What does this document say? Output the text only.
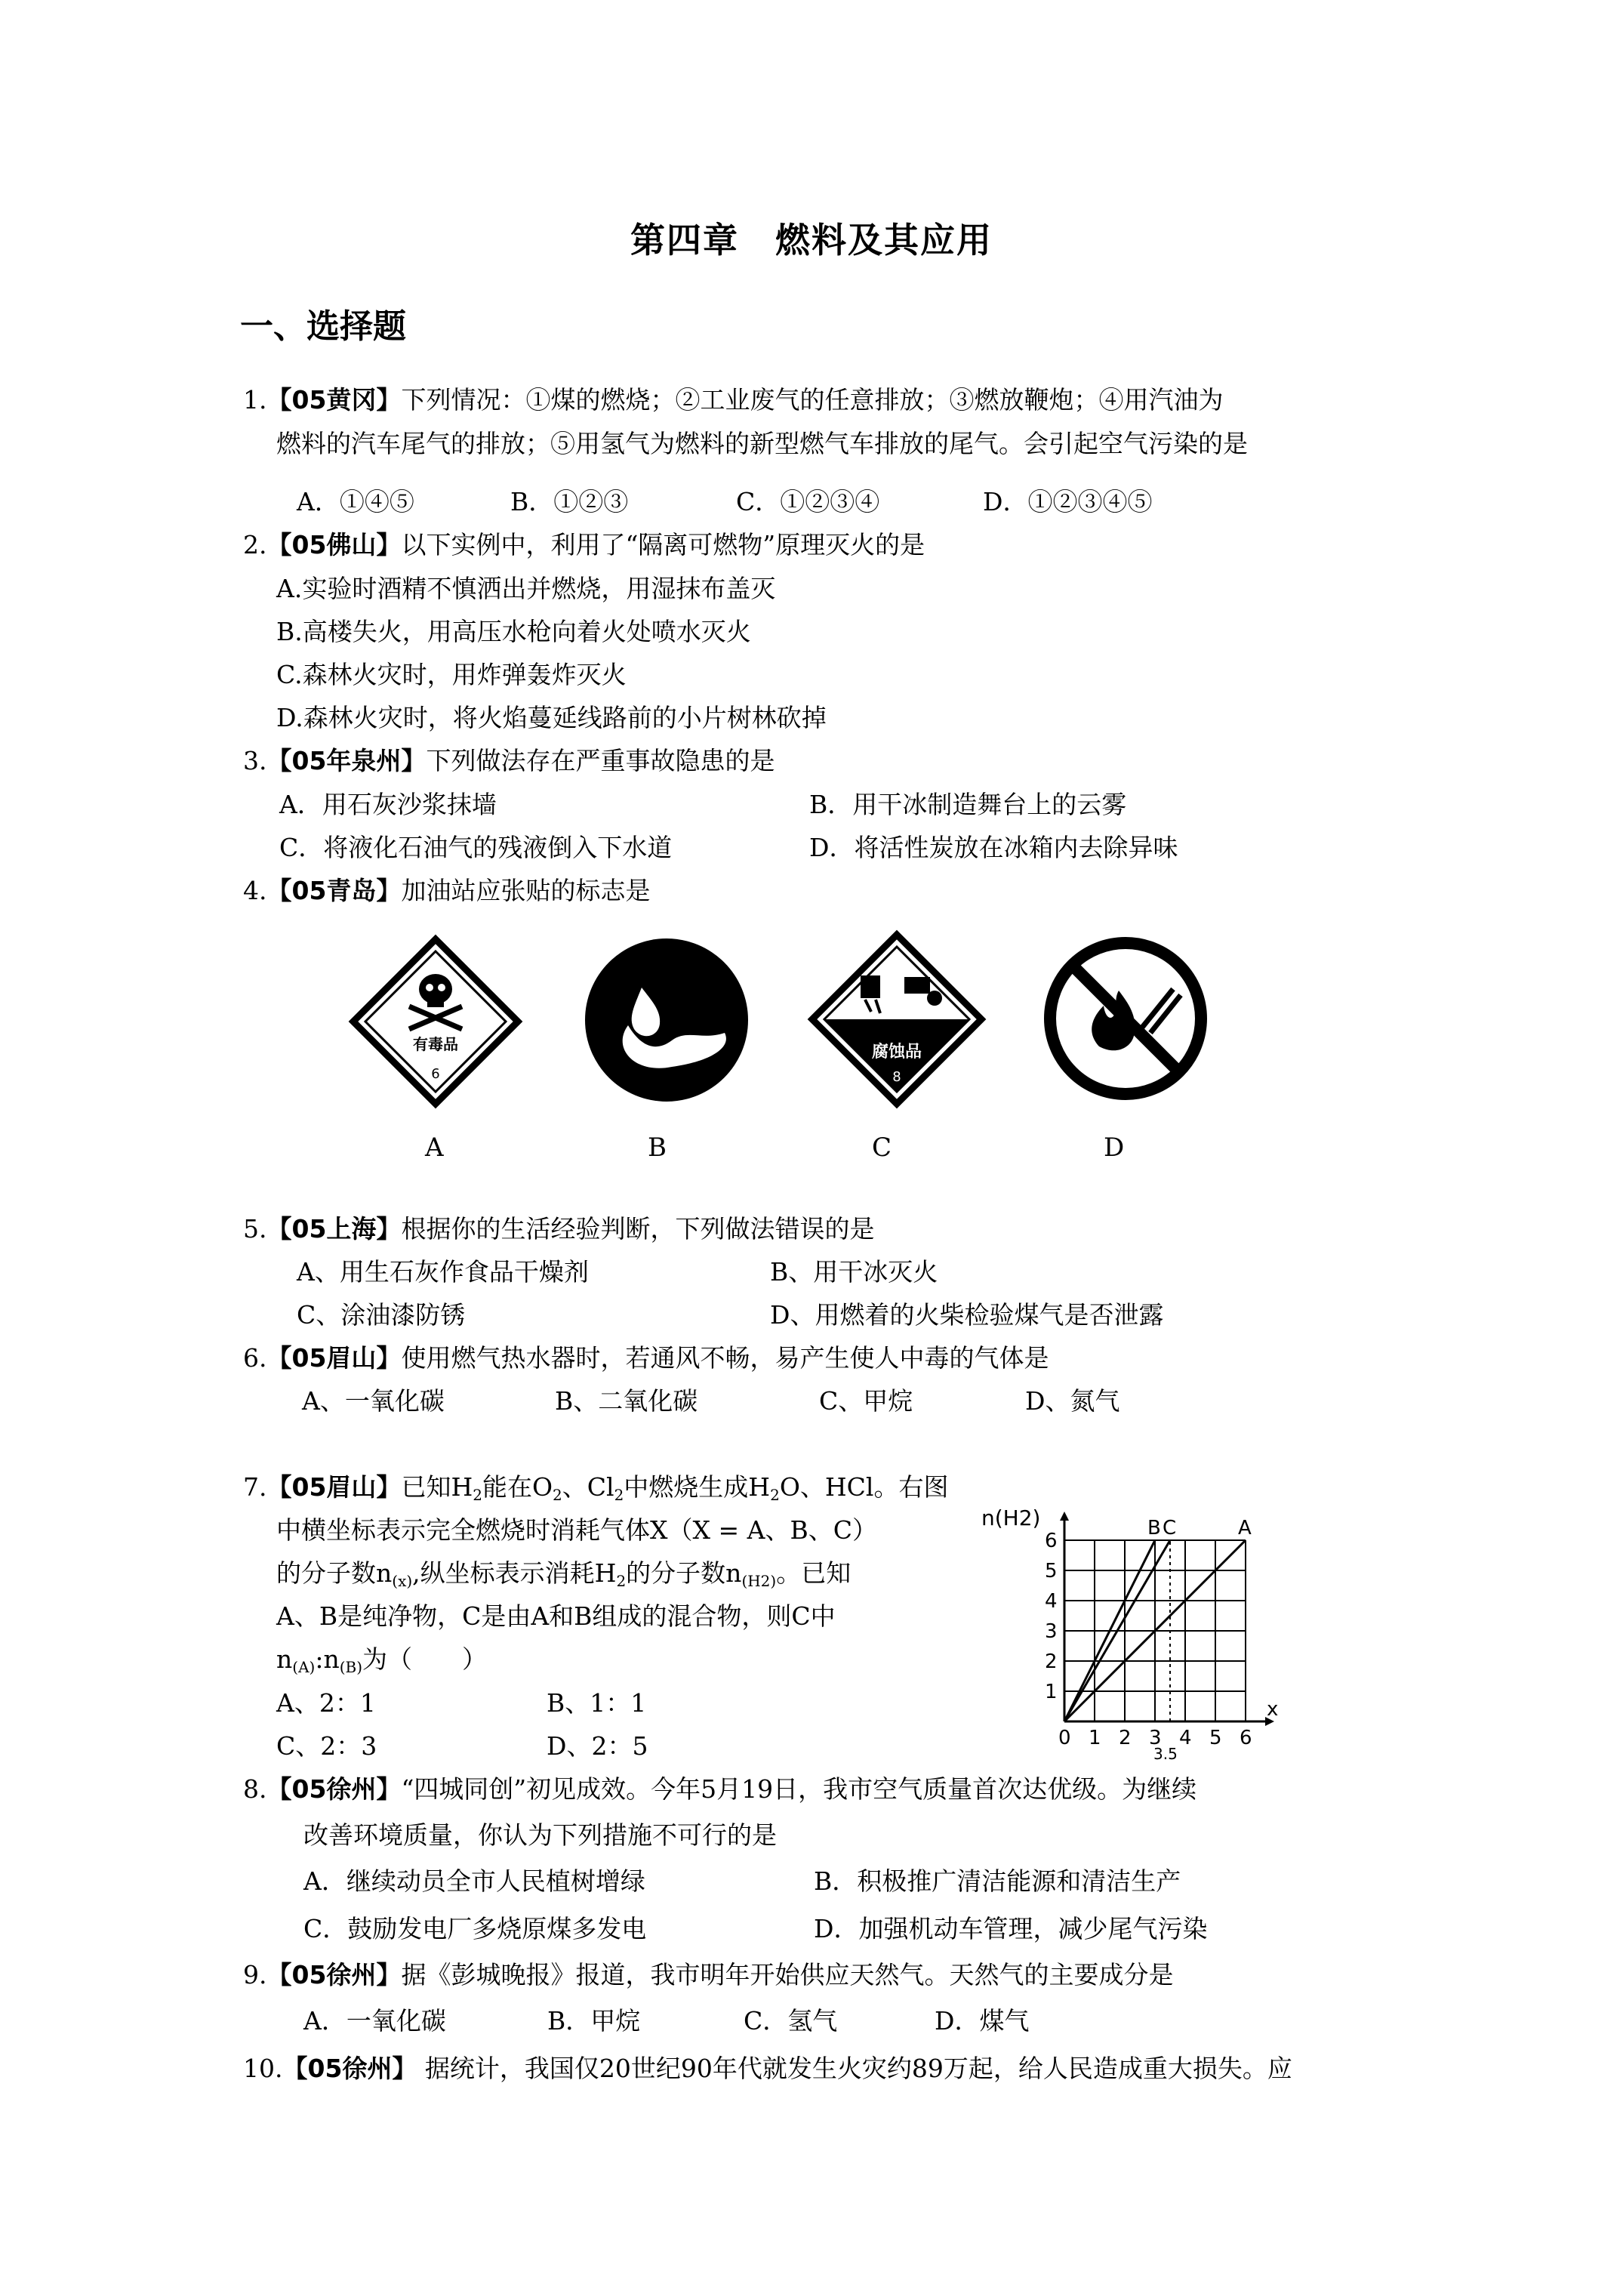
第四章　燃料及其应用
一、选择题
1.【05黄冈】下列情况：①煤的燃烧；②工业废气的任意排放；③燃放鞭炮；④用汽油为
燃料的汽车尾气的排放；⑤用氢气为燃料的新型燃气车排放的尾气。会引起空气污染的是
A．①④⑤	B．①②③	C．①②③④	D．①②③④⑤
2.【05佛山】以下实例中，利用了“隔离可燃物”原理灭火的是
A.实验时酒精不慎洒出并燃烧，用湿抹布盖灭
B.高楼失火，用高压水枪向着火处喷水灭火
C.森林火灾时，用炸弹轰炸灭火
D.森林火灾时，将火焰蔓延线路前的小片树林砍掉
3.【05年泉州】下列做法存在严重事故隐患的是
A．用石灰沙浆抹墙	B．用干冰制造舞台上的云雾
C．将液化石油气的残液倒入下水道	D．将活性炭放在冰箱内去除异味
4.【05青岛】加油站应张贴的标志是
有毒品
6
腐蚀品
8
A	B	C	D
5.【05上海】根据你的生活经验判断，下列做法错误的是
A、用生石灰作食品干燥剂	B、用干冰灭火
C、涂油漆防锈	D、用燃着的火柴检验煤气是否泄露
6.【05眉山】使用燃气热水器时，若通风不畅，易产生使人中毒的气体是
A、一氧化碳	B、二氧化碳	C、甲烷	D、氮气
7.【05眉山】已知$H_2$能在$O_2$、$Cl_2$中燃烧生成$H_2O$、HCl。右图
中横坐标表示完全燃烧时消耗气体X（X = A、B、C）
的分子数$n_{(x)}$,纵坐标表示消耗$H_2$的分子数$n_{(H2)}$。已知
A、B是纯净物，C是由A和B组成的混合物，则C中
$n_{(A)}:n_{(B)}$为（　　）
A、2：1	B、1：1
C、2：3	D、2：5
B C	A
0 1 2 3 4 5 6
1
2
3
4
5
6
x
n(H2)
3.5
8.【05徐州】“四城同创”初见成效。今年5月19日，我市空气质量首次达优级。为继续
改善环境质量，你认为下列措施不可行的是
A．继续动员全市人民植树增绿	B．积极推广清洁能源和清洁生产
C．鼓励发电厂多烧原煤多发电	D．加强机动车管理，减少尾气污染
9.【05徐州】据《彭城晚报》报道，我市明年开始供应天然气。天然气的主要成分是
A．一氧化碳	B．甲烷	C．氢气	D．煤气
10.【05徐州】 据统计，我国仅20世纪90年代就发生火灾约89万起，给人民造成重大损失。应
